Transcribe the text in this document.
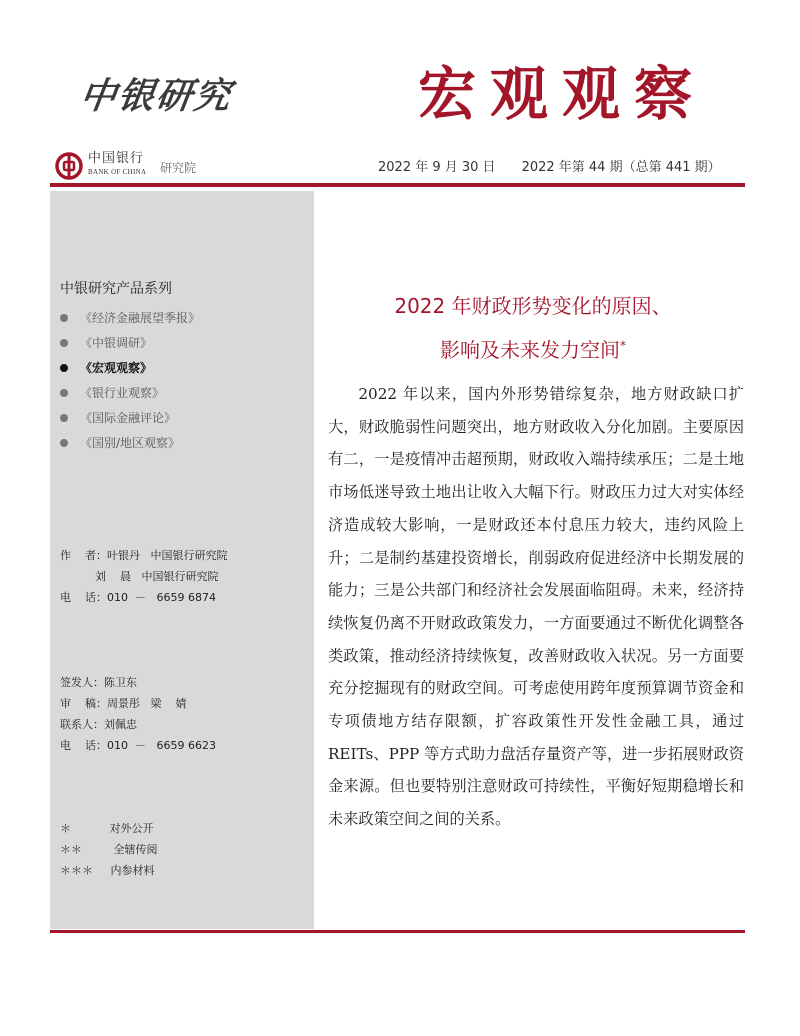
中银研究	宏观观察
中国银行
BANK OF CHINA 研究院	2022 年 9 月 30 日 2022 年第 44 期（总第 441 期）
中银研究产品系列
《经济金融展望季报》
《中银调研》
《宏观观察》
《银行业观察》
《国际金融评论》
《国别/地区观察》
作    者：叶银丹   中国银行研究院
刘    晨   中国银行研究院
电    话：010  －   6659 6874
签发人：陈卫东
审    稿：周景彤   梁    婧
联系人：刘佩忠
电    话：010  －   6659 6623
＊           对外公开
＊＊         全辖传阅
＊＊＊     内参材料
2022 年财政形势变化的原因、
影响及未来发力空间*

2022 年以来，国内外形势错综复杂，地方财政缺口扩大，财政脆弱性问题突出，地方财政收入分化加剧。主要原因有二，一是疫情冲击超预期，财政收入端持续承压；二是土地市场低迷导致土地出让收入大幅下行。财政压力过大对实体经济造成较大影响，一是财政还本付息压力较大，违约风险上升；二是制约基建投资增长，削弱政府促进经济中长期发展的能力；三是公共部门和经济社会发展面临阻碍。未来，经济持续恢复仍离不开财政政策发力，一方面要通过不断优化调整各类政策，推动经济持续恢复，改善财政收入状况。另一方面要充分挖掘现有的财政空间。可考虑使用跨年度预算调节资金和专项债地方结存限额，扩容政策性开发性金融工具，通过 REITs、PPP 等方式助力盘活存量资产等，进一步拓展财政资金来源。但也要特别注意财政可持续性，平衡好短期稳增长和未来政策空间之间的关系。
